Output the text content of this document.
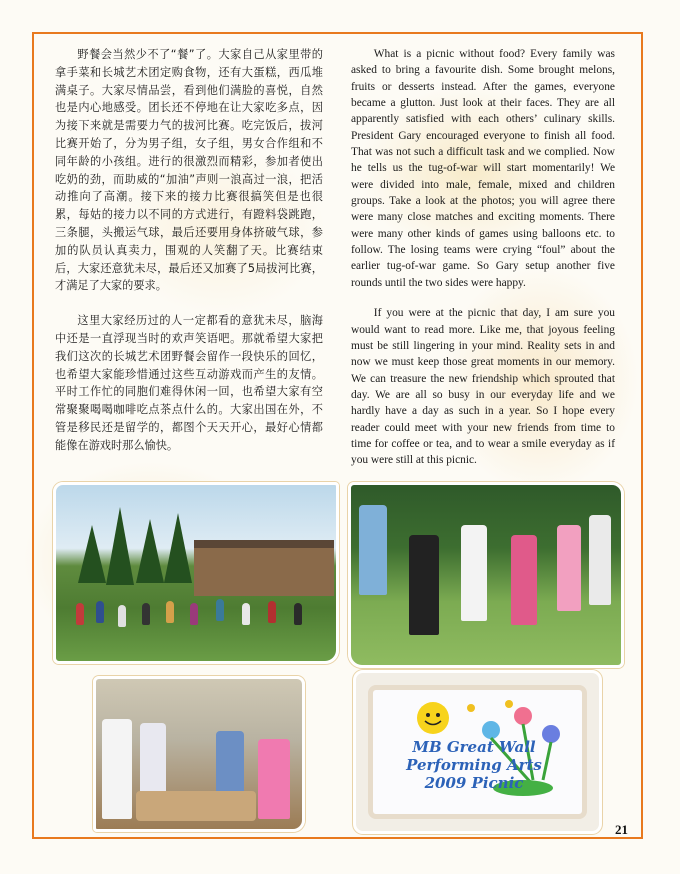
野餐会当然少不了“餐”了。大家自己从家里带的拿手菜和长城艺术团定购食物，还有大蛋糕，西瓜堆满桌子。大家尽情品尝，看到他们满脸的喜悦，自然也是内心地感受。团长还不停地在让大家吃多点，因为接下来就是需要力气的拔河比赛。吃完饭后，拔河比赛开始了，分为男子组，女子组，男女合作组和不同年龄的小孩组。进行的很激烈而精彩，参加者使出吃奶的劲，而助威的“加油”声则一浪高过一浪，把活动推向了高潮。接下来的接力比赛很搞笑但是也很累，每姑的接力以不同的方式进行，有蹬料袋跳跑，三条腿，头搬运气球，最后还要用身体挤破气球，参加的队员认真卖力，围观的人笑翻了天。比赛结束后，大家还意犹未尽，最后还又加赛了5局拔河比赛，才满足了大家的要求。

这里大家经历过的人一定都看的意犹未尽，脑海中还是一直浮现当时的欢声笑语吧。那就希望大家把我们这次的长城艺术团野餐会留作一段快乐的回忆，也希望大家能珍惜通过这些互动游戏而产生的友情。平时工作忙的同胞们难得休闲一回，也希望大家有空常聚聚喝喝咖啡吃点茶点什么的。大家出国在外，不管是移民还是留学的，都图个天天开心，最好心情都能像在游戏时那么愉快。

What is a picnic without food? Every family was asked to bring a favourite dish. Some brought melons, fruits or desserts instead. After the games, everyone became a glutton. Just look at their faces. They are all apparently satisfied with each others’ culinary skills. President Gary encouraged everyone to finish all food. That was not such a difficult task and we complied. Now he tells us the tug-of-war will start momentarily! We were divided into male, female, mixed and children groups. Take a look at the photos; you will agree there were many close matches and exciting moments. There were many other kinds of games using balloons etc. to follow. The losing teams were crying “foul” about the earlier tug-of-war game. So Gary setup another five rounds until the two sides were happy.

If you were at the picnic that day, I am sure you would want to read more. Like me, that joyous feeling must be still lingering in your mind. Reality sets in and now we must keep those great moments in our memory. We can treasure the new friendship which sprouted that day. We are all so busy in our everyday life and we hardly have a day as such in a year. So I hope every reader could meet with your new friends from time to time for coffee or tea, and to wear a smile everyday as if you were still at this picnic.

MB Great Wall
Performing Arts
2009 Picnic
21
